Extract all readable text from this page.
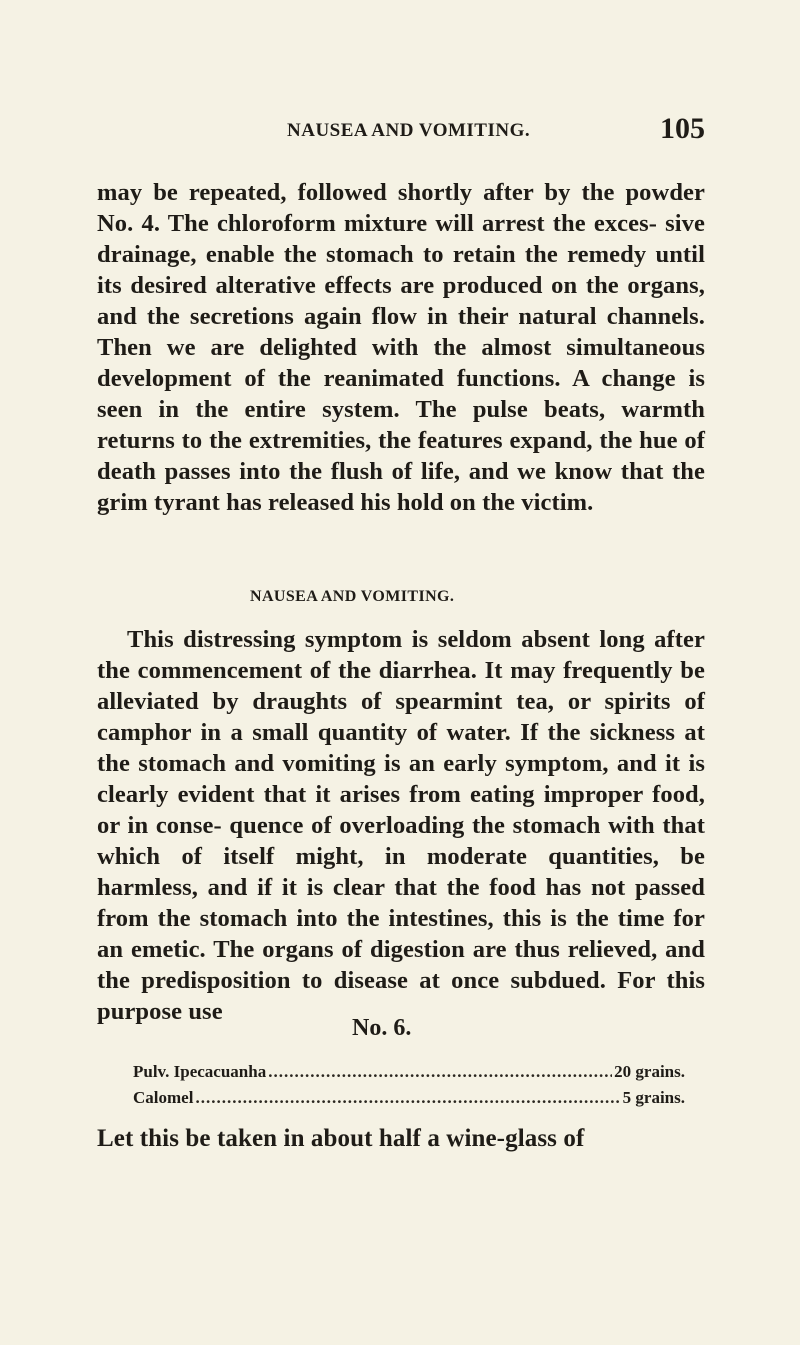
NAUSEA AND VOMITING.	105

may be repeated, followed shortly after by the powder No. 4. The chloroform mixture will arrest the exces- sive drainage, enable the stomach to retain the remedy until its desired alterative effects are produced on the organs, and the secretions again flow in their natural channels. Then we are delighted with the almost simultaneous development of the reanimated functions. A change is seen in the entire system. The pulse beats, warmth returns to the extremities, the features expand, the hue of death passes into the flush of life, and we know that the grim tyrant has released his hold on the victim.

NAUSEA AND VOMITING.

This distressing symptom is seldom absent long after the commencement of the diarrhea. It may frequently be alleviated by draughts of spearmint tea, or spirits of camphor in a small quantity of water. If the sickness at the stomach and vomiting is an early symptom, and it is clearly evident that it arises from eating improper food, or in conse- quence of overloading the stomach with that which of itself might, in moderate quantities, be harmless, and if it is clear that the food has not passed from the stomach into the intestines, this is the time for an emetic. The organs of digestion are thus relieved, and the predisposition to disease at once subdued. For this purpose use

No. 6.
Pulv. Ipecacuanha .....	20 grains.
Calomel .....	5 grains.

Let this be taken in about half a wine-glass of
